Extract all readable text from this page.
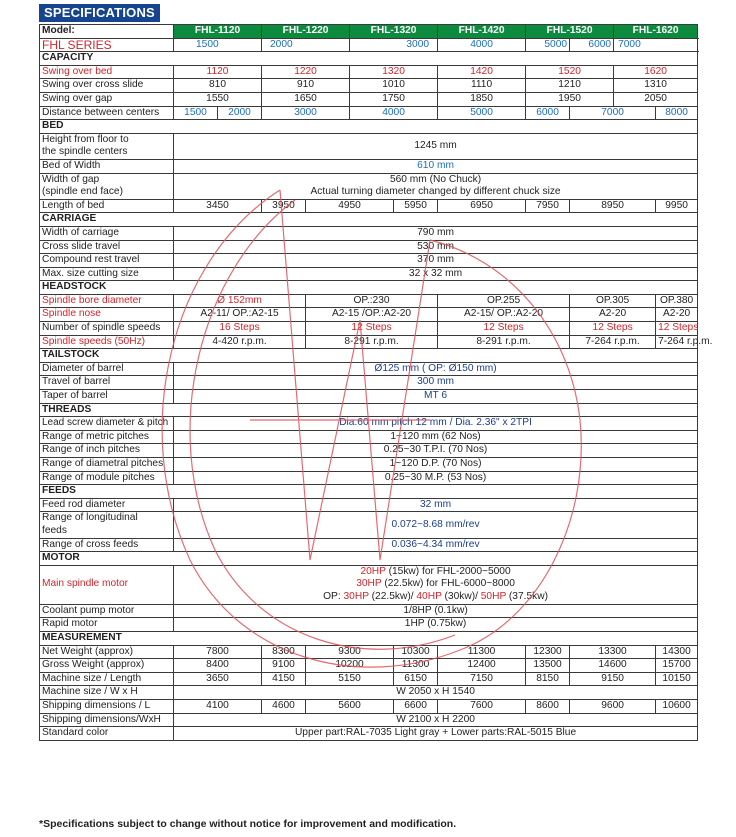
SPECIFICATIONS
Model:	FHL-1120		FHL-1220		FHL-1320		FHL-1420	FHL-1520		FHL-1620		
FHL SERIES	1500		2000		3000		4000	5000	6000	7000	
CAPACITY												
Swing over bed	1120		1220		1320		1420	1520		1620		
Swing over cross slide	810		910		1010		1110	1210		1310		
Swing over gap	1550		1650		1750		1850	1950		2050		
Distance between centers	1500	2000	3000		4000		5000	6000	7000		8000	
BED												
Height from floor to
the spindle centers	1245 mm											
Bed of Width	610 mm											
Width of gap
(spindle end face)	560 mm (No Chuck)
Actual turning diameter changed by different chuck size											
Length of bed	3450		3950	4950		5950	6950	7950	8950		9950	
CARRIAGE												
Width of carriage	790 mm											
Cross slide travel	530 mm											
Compound rest travel	370 mm											
Max. size cutting size	32 x 32 mm											
HEADSTOCK												
Spindle bore diameter	Ø 152mm			OP.:230			OP.255		OP.305		OP.380	
Spindle nose	A2-11/ OP.:A2-15			A2-15 /OP.:A2-20			A2-15/ OP.:A2-20		A2-20		A2-20	
Number of spindle speeds	16 Steps			12 Steps			12 Steps		12 Steps		12 Steps	
Spindle speeds (50Hz)	4-420 r.p.m.			8-291 r.p.m.			8-291 r.p.m.		7-264 r.p.m.		7-264 r.p.m.	
TAILSTOCK												
Diameter of barrel	Ø125 mm ( OP: Ø150 mm)											
Travel of barrel	300 mm											
Taper of barrel	MT 6											
THREADS												
Lead screw diameter & pitch	Dia.60 mm pitch 12 mm / Dia. 2.36" x 2TPI											
Range of metric pitches	1~120 mm (62 Nos)											
Range of inch pitches	0.25~30 T.P.I. (70 Nos)											
Range of diametral pitches	1~120 D.P. (70 Nos)											
Range of module pitches	0.25~30 M.P. (53 Nos)											
FEEDS												
Feed rod diameter	32 mm											
Range of longitudinal
feeds	0.072~8.68 mm/rev											
Range of cross feeds	0.036~4.34 mm/rev											
MOTOR												
Main spindle motor	20HP (15kw) for FHL-2000~5000
30HP (22.5kw) for FHL-6000~8000
OP: 30HP (22.5kw)/ 40HP (30kw)/ 50HP (37.5kw)											
Coolant pump motor	1/8HP (0.1kw)											
Rapid motor	1HP (0.75kw)											
MEASUREMENT												
Net Weight (approx)	7800		8300	9300		10300	11300	12300	13300		14300	
Gross Weight (approx)	8400		9100	10200		11300	12400	13500	14600		15700	
Machine size / Length	3650		4150	5150		6150	7150	8150	9150		10150	
Machine size / W x H	W 2050 x H 1540											
Shipping dimensions / L	4100		4600	5600		6600	7600	8600	9600		10600	
Shipping dimensions/WxH	W 2100 x H 2200											
Standard color	Upper part:RAL-7035 Light gray + Lower parts:RAL-5015 Blue											
*Specifications subject to change without notice for improvement and modification.
